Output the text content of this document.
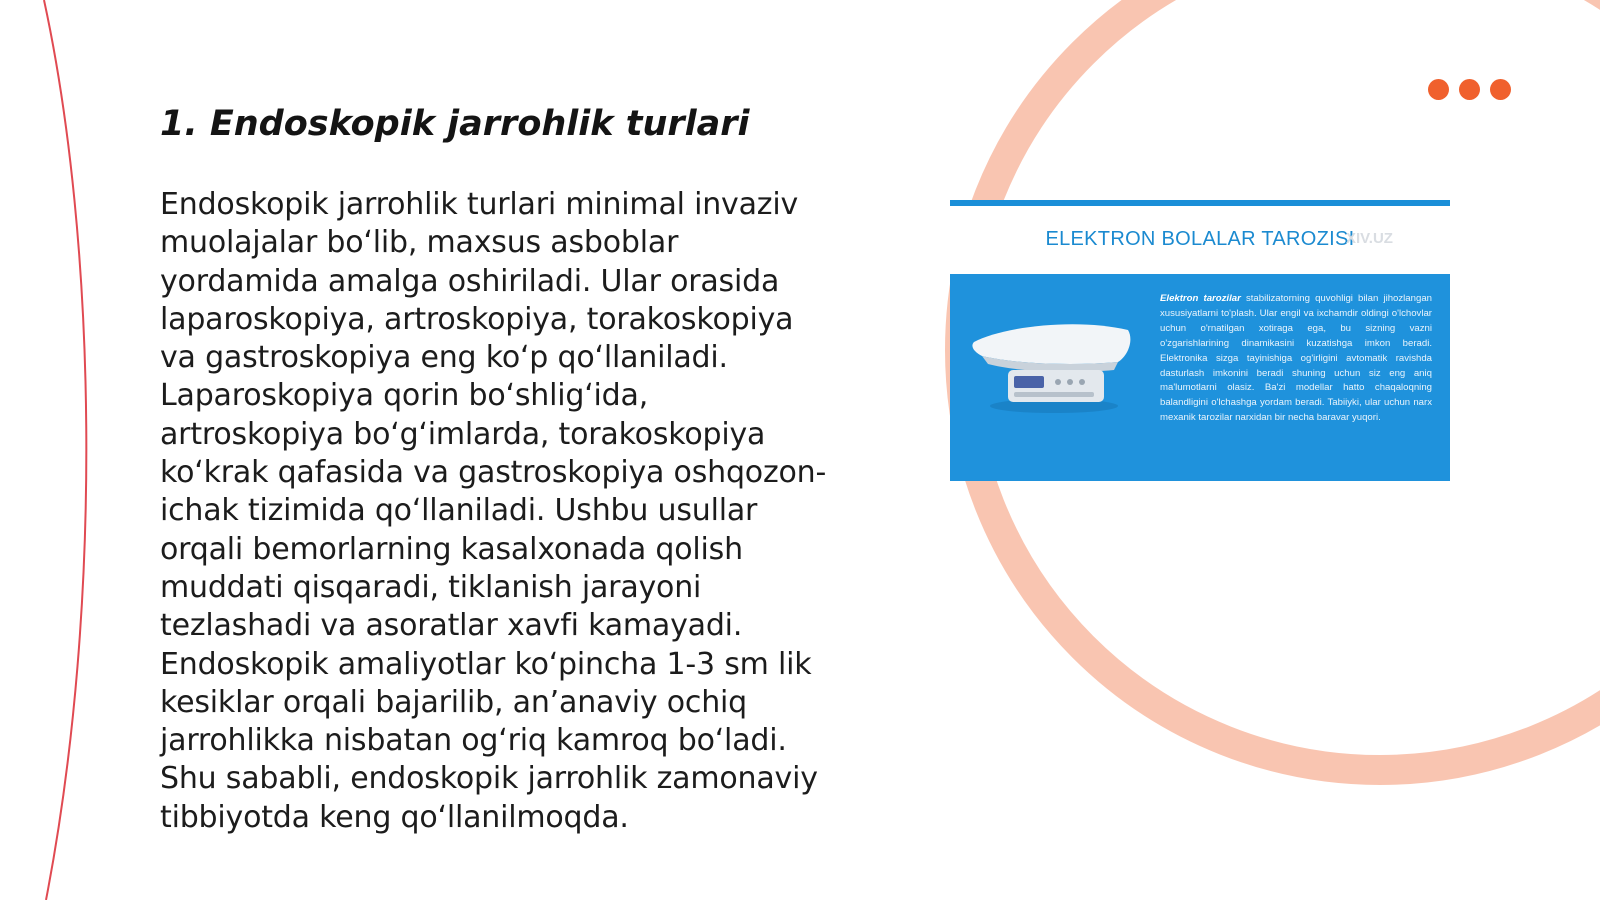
1. Endoskopik jarrohlik turlari

Endoskopik jarrohlik turlari minimal invaziv
muolajalar bo‘lib, maxsus asboblar
yordamida amalga oshiriladi. Ular orasida
laparoskopiya, artroskopiya, torakoskopiya
va gastroskopiya eng ko‘p qo‘llaniladi.
Laparoskopiya qorin bo‘shlig‘ida,
artroskopiya bo‘g‘imlarda, torakoskopiya
ko‘krak qafasida va gastroskopiya oshqozon-
ichak tizimida qo‘llaniladi. Ushbu usullar
orqali bemorlarning kasalxonada qolish
muddati qisqaradi, tiklanish jarayoni
tezlashadi va asoratlar xavfi kamayadi.
Endoskopik amaliyotlar ko‘pincha 1-3 sm lik
kesiklar orqali bajarilib, an’anaviy ochiq
jarrohlikka nisbatan og‘riq kamroq bo‘ladi.
Shu sababli, endoskopik jarrohlik zamonaviy
tibbiyotda keng qo‘llanilmoqda.

ELEKTRON BOLALAR TAROZISI
XIV.UZ

Elektron tarozilar stabilizatorning quvohligi bilan jihozlangan xususiyatlarni to'plash. Ular engil va ixchamdir oldingi o'lchovlar uchun o'rnatilgan xotiraga ega, bu sizning vazni o'zgarishlarining dinamikasini kuzatishga imkon beradi. Elektronika sizga tayinishiga og'irligini avtomatik ravishda dasturlash imkonini beradi shuning uchun siz eng aniq ma'lumotlarni olasiz. Ba'zi modellar hatto chaqaloqning balandligini o'lchashga yordam beradi. Tabiiyki, ular uchun narx mexanik tarozilar narxidan bir necha baravar yuqori.
